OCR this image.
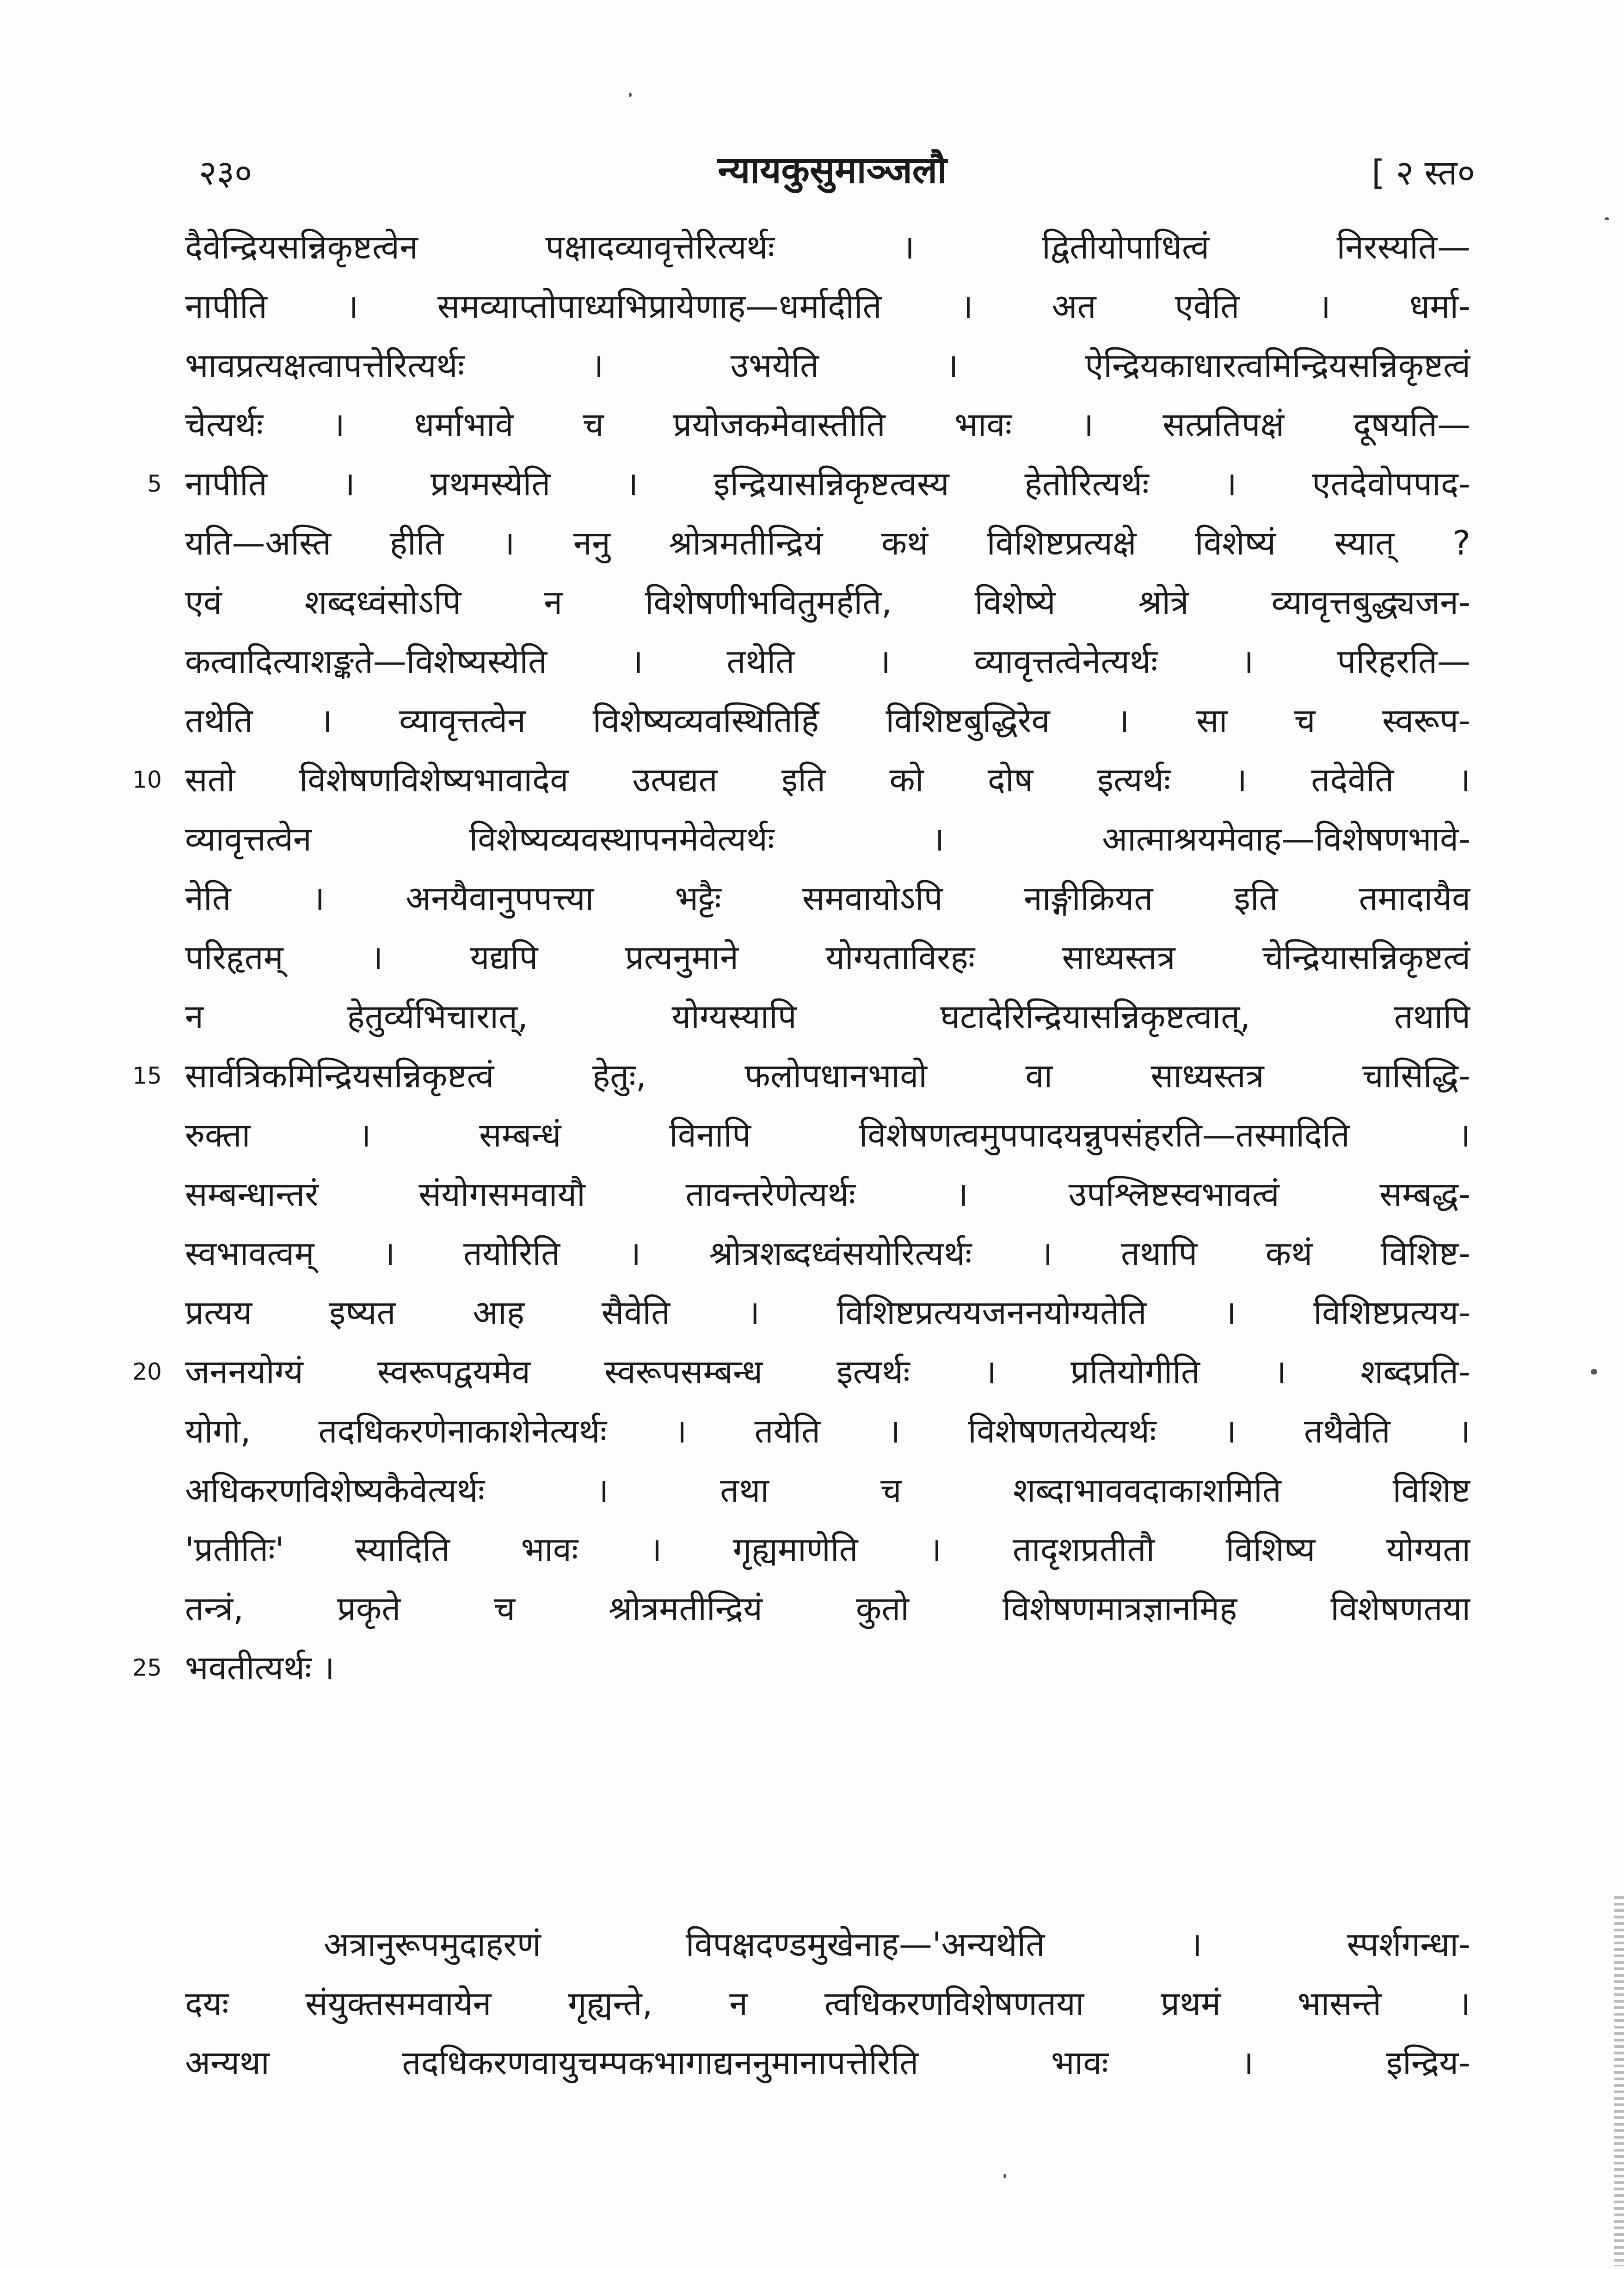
२३०	न्यायकुसुमाञ्जलौ	[ २ स्त०
5
10
15
20
25
दैवेन्द्रियसन्निकृष्टत्वेन पक्षादव्यावृत्तेरित्यर्थः । द्वितीयोपाधित्वं निरस्यति—
नापीति । समव्याप्तोपाध्यभिप्रायेणाह—धर्मादीति । अत एवेति । धर्मा-
भावप्रत्यक्षत्वापत्तेरित्यर्थः । उभयेति । ऐन्द्रियकाधारत्वमिन्द्रियसन्निकृष्टत्वं
चेत्यर्थः । धर्माभावे च प्रयोजकमेवास्तीति भावः । सत्प्रतिपक्षं दूषयति—
नापीति । प्रथमस्येति । इन्द्रियासन्निकृष्टत्वस्य हेतोरित्यर्थः । एतदेवोपपाद-
यति—अस्ति हीति । ननु श्रोत्रमतीन्द्रियं कथं विशिष्टप्रत्यक्षे विशेष्यं स्यात् ?
एवं शब्दध्वंसोऽपि न विशेषणीभवितुमर्हति, विशेष्ये श्रोत्रे व्यावृत्तबुद्ध्यजन-
कत्वादित्याशङ्कते—विशेष्यस्येति । तथेति । व्यावृत्तत्वेनेत्यर्थः । परिहरति—
तथेति । व्यावृत्तत्वेन विशेष्यव्यवस्थितिर्हि विशिष्टबुद्धिरेव । सा च स्वरूप-
सतो विशेषणविशेष्यभावादेव उत्पद्यत इति को दोष इत्यर्थः । तदेवेति ।
व्यावृत्तत्वेन विशेष्यव्यवस्थापनमेवेत्यर्थः । आत्माश्रयमेवाह—विशेषणभावे-
नेति । अनयैवानुपपत्त्या भट्टैः समवायोऽपि नाङ्गीक्रियत इति तमादायैव
परिहृतम् । यद्यपि प्रत्यनुमाने योग्यताविरहः साध्यस्तत्र चेन्द्रियासन्निकृष्टत्वं
न हेतुर्व्यभिचारात्, योग्यस्यापि घटादेरिन्द्रियासन्निकृष्टत्वात्, तथापि
सार्वत्रिकमिन्द्रियसन्निकृष्टत्वं हेतुः, फलोपधानभावो वा साध्यस्तत्र चासिद्धि-
रुक्ता । सम्बन्धं विनापि विशेषणत्वमुपपादयन्नुपसंहरति—तस्मादिति ।
सम्बन्धान्तरं संयोगसमवायौ तावन्तरेणेत्यर्थः । उपश्लिष्टस्वभावत्वं सम्बद्ध-
स्वभावत्वम् । तयोरिति । श्रोत्रशब्दध्वंसयोरित्यर्थः । तथापि कथं विशिष्ट-
प्रत्यय इष्यत आह सैवेति । विशिष्टप्रत्ययजननयोग्यतेति । विशिष्टप्रत्यय-
जननयोग्यं स्वरूपद्वयमेव स्वरूपसम्बन्ध इत्यर्थः । प्रतियोगीति । शब्दप्रति-
योगो, तदधिकरणेनाकाशेनेत्यर्थः । तयेति । विशेषणतयेत्यर्थः । तथैवेति ।
अधिकरणविशेष्यकैवेत्यर्थः । तथा च शब्दाभाववदाकाशमिति विशिष्ट
'प्रतीतिः' स्यादिति भावः । गृह्यमाणेति । तादृशप्रतीतौ विशिष्य योग्यता
तन्त्रं, प्रकृते च श्रोत्रमतीन्द्रियं कुतो विशेषणमात्रज्ञानमिह विशेषणतया
भवतीत्यर्थः ।
अत्रानुरूपमुदाहरणं विपक्षदण्डमुखेनाह—'अन्यथेति । स्पर्शगन्धा-
दयः संयुक्तसमवायेन गृह्यन्ते, न त्वधिकरणविशेषणतया प्रथमं भासन्ते ।
अन्यथा तदधिकरणवायुचम्पकभागाद्यननुमानापत्तेरिति भावः । इन्द्रिय-
